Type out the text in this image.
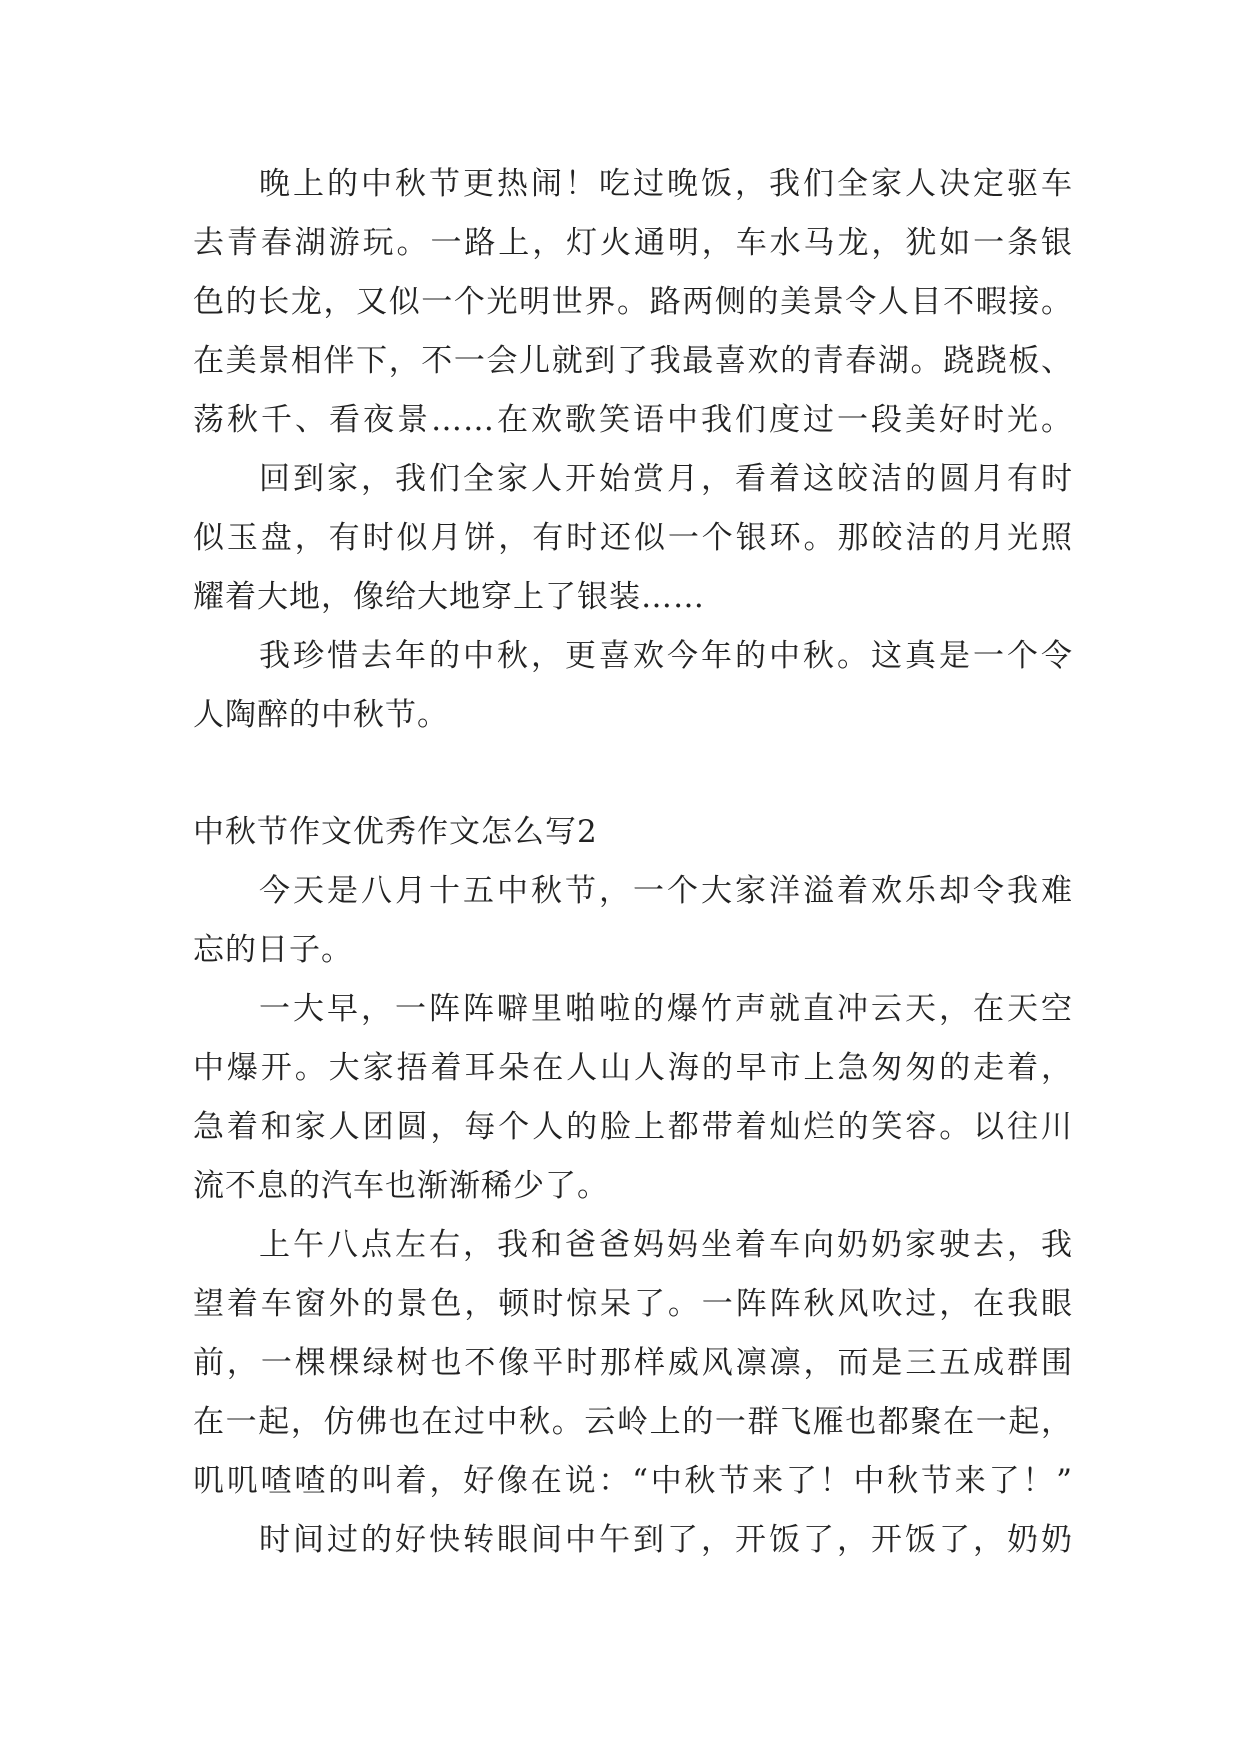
晚上的中秋节更热闹！吃过晚饭，我们全家人决定驱车
去青春湖游玩。一路上，灯火通明，车水马龙，犹如一条银
色的长龙，又似一个光明世界。路两侧的美景令人目不暇接。
在美景相伴下，不一会儿就到了我最喜欢的青春湖。跷跷板、
荡秋千、看夜景……在欢歌笑语中我们度过一段美好时光。
回到家，我们全家人开始赏月，看着这皎洁的圆月有时
似玉盘，有时似月饼，有时还似一个银环。那皎洁的月光照
耀着大地，像给大地穿上了银装……
我珍惜去年的中秋，更喜欢今年的中秋。这真是一个令
人陶醉的中秋节。
中秋节作文优秀作文怎么写2
今天是八月十五中秋节，一个大家洋溢着欢乐却令我难
忘的日子。
一大早，一阵阵噼里啪啦的爆竹声就直冲云天，在天空
中爆开。大家捂着耳朵在人山人海的早市上急匆匆的走着，
急着和家人团圆，每个人的脸上都带着灿烂的笑容。以往川
流不息的汽车也渐渐稀少了。
上午八点左右，我和爸爸妈妈坐着车向奶奶家驶去，我
望着车窗外的景色，顿时惊呆了。一阵阵秋风吹过，在我眼
前，一棵棵绿树也不像平时那样威风凛凛，而是三五成群围
在一起，仿佛也在过中秋。云岭上的一群飞雁也都聚在一起，
叽叽喳喳的叫着，好像在说：“中秋节来了！中秋节来了！”
时间过的好快转眼间中午到了，开饭了，开饭了，奶奶
